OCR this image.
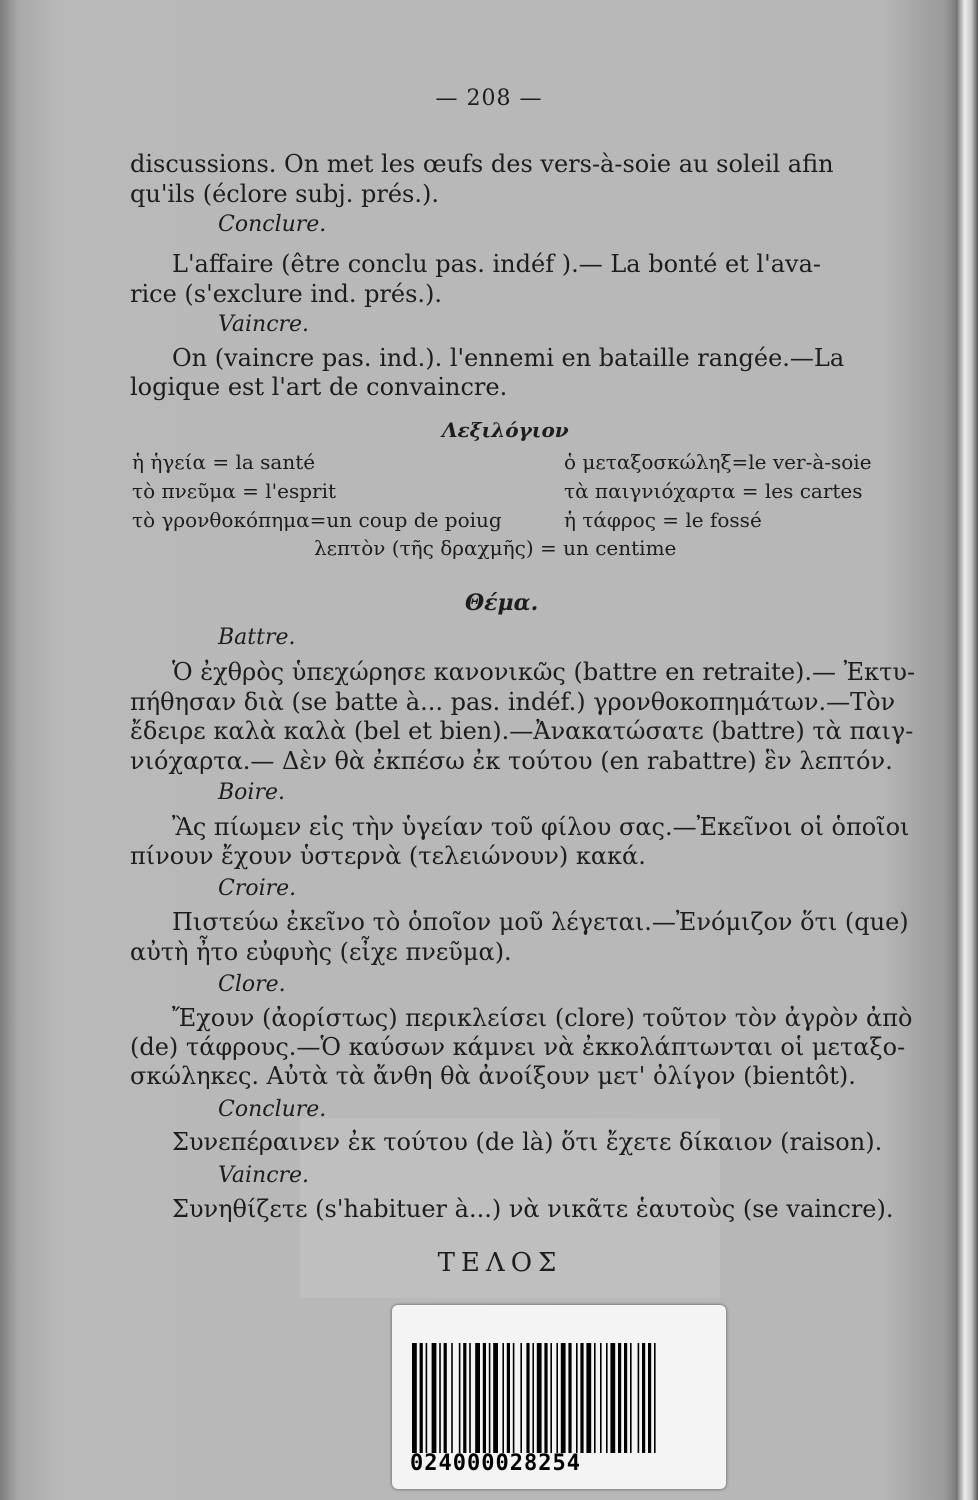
— 208 —
discussions. On met les œufs des vers-à-soie au soleil afin
qu'ils (éclore subj. prés.).
Conclure.
L'affaire (être conclu pas. indéf ).— La bonté et l'ava-
rice (s'exclure ind. prés.).
Vaincre.
On (vaincre pas. ind.). l'ennemi en bataille rangée.—La
logique est l'art de convaincre.
Λεξιλόγιον
ἡ ἡγεία = la santé
τὸ πνεῦμα = l'esprit
τὸ γρονθοκόπημα=un coup de poiug
ὁ μεταξοσκώληξ=le ver-à-soie
τὰ παιγνιόχαρτα = les cartes
ἡ τάφρος = le fossé
λεπτὸν (τῆς δραχμῆς) = un centime
Θέμα.
Battre.
Ὁ ἐχθρὸς ὑπεχώρησε κανονικῶς (battre en retraite).— Ἐκτυ-
πήθησαν διὰ (se batte à... pas. indéf.) γρονθοκοπημάτων.—Τὸν
ἔδειρε καλὰ καλὰ (bel et bien).—Ἀνακατώσατε (battre) τὰ παιγ-
νιόχαρτα.— Δὲν θὰ ἐκπέσω ἐκ τούτου (en rabattre) ἓν λεπτόν.
Boire.
Ἂς πίωμεν εἰς τὴν ὑγείαν τοῦ φίλου σας.—Ἐκεῖνοι οἱ ὁποῖοι
πίνουν ἔχουν ὑστερνὰ (τελειώνουν) κακά.
Croire.
Πιστεύω ἐκεῖνο τὸ ὁποῖον μοῦ λέγεται.—Ἐνόμιζον ὅτι (que)
αὐτὴ ἦτο εὐφυὴς (εἶχε πνεῦμα).
Clore.
Ἔχουν (ἀορίστως) περικλείσει (clore) τοῦτον τὸν ἀγρὸν ἀπὸ
(de) τάφρους.—Ὁ καύσων κάμνει νὰ ἐκκολάπτωνται οἱ μεταξο-
σκώληκες. Αὐτὰ τὰ ἄνθη θὰ ἀνοίξουν μετ' ὀλίγον (bientôt).
Conclure.
Συνεπέραινεν ἐκ τούτου (de là) ὅτι ἔχετε δίκαιον (raison).
Vaincre.
Συνηθίζετε (s'habituer à...) νὰ νικᾶτε ἑαυτοὺς (se vaincre).
ΤΕΛΟΣ
024000028254
